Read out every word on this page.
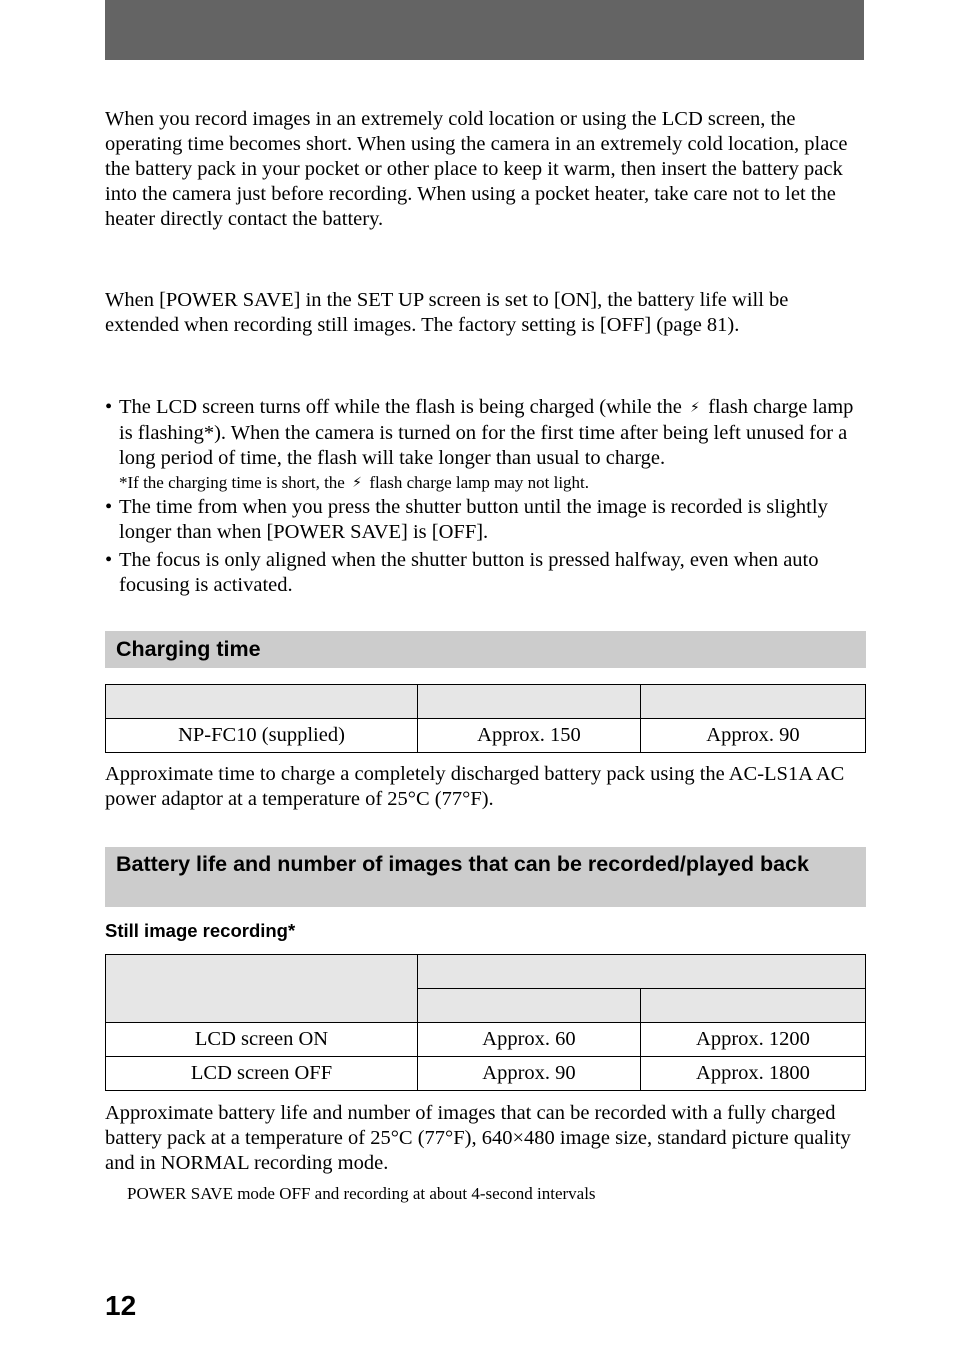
When you record images in an extremely cold location or using the LCD screen, the operating time becomes short. When using the camera in an extremely cold location, place the battery pack in your pocket or other place to keep it warm, then insert the battery pack into the camera just before recording. When using a pocket heater, take care not to let the heater directly contact the battery.

When [POWER SAVE] in the SET UP screen is set to [ON], the battery life will be extended when recording still images. The factory setting is [OFF] (page 81).

• The LCD screen turns off while the flash is being charged (while the ⚡︎ flash charge lamp is flashing*). When the camera is turned on for the first time after being left unused for a long period of time, the flash will take longer than usual to charge.
*If the charging time is short, the ⚡︎ flash charge lamp may not light.
• The time from when you press the shutter button until the image is recorded is slightly longer than when [POWER SAVE] is [OFF].
• The focus is only aligned when the shutter button is pressed halfway, even when auto focusing is activated.
Charging time

NP-FC10 (supplied)	Approx. 150	Approx. 90

Approximate time to charge a completely discharged battery pack using the AC-LS1A AC power adaptor at a temperature of 25°C (77°F).

Battery life and number of images that can be recorded/played back
Still image recording*

LCD screen ON	Approx. 60	Approx. 1200
LCD screen OFF	Approx. 90	Approx. 1800

Approximate battery life and number of images that can be recorded with a fully charged battery pack at a temperature of 25°C (77°F), 640×480 image size, standard picture quality and in NORMAL recording mode.

POWER SAVE mode OFF and recording at about 4-second intervals
12
